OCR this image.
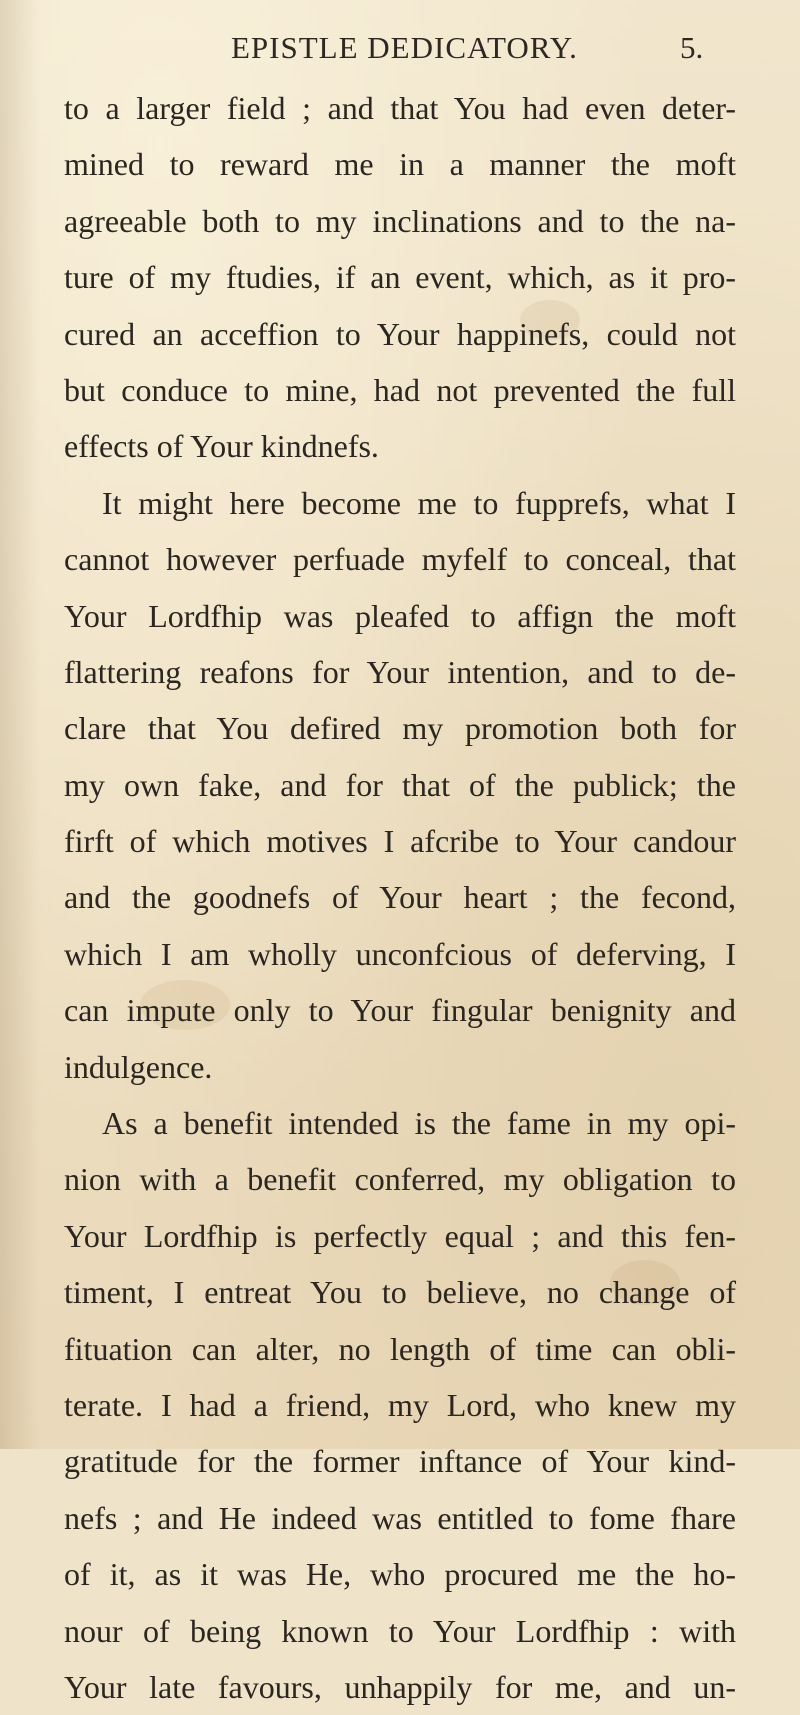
EPISTLE DEDICATORY.	5.
to a larger field ; and that You had even deter-
mined to reward me in a manner the moft
agreeable both to my inclinations and to the na-
ture of my ftudies, if an event, which, as it pro-
cured an acceffion to Your happinefs, could not
but conduce to mine, had not prevented the full
effects of Your kindnefs.
It might here become me to fupprefs, what I
cannot however perfuade myfelf to conceal, that
Your Lordfhip was pleafed to affign the moft
flattering reafons for Your intention, and to de-
clare that You defired my promotion both for
my own fake, and for that of the publick; the
firft of which motives I afcribe to Your candour
and the goodnefs of Your heart ; the fecond,
which I am wholly unconfcious of deferving, I
can impute only to Your fingular benignity and
indulgence.
As a benefit intended is the fame in my opi-
nion with a benefit conferred, my obligation to
Your Lordfhip is perfectly equal ; and this fen-
timent, I entreat You to believe, no change of
fituation can alter, no length of time can obli-
terate. I had a friend, my Lord, who knew my
gratitude for the former inftance of Your kind-
nefs ; and He indeed was entitled to fome fhare
of it, as it was He, who procured me the ho-
nour of being known to Your Lordfhip : with
Your late favours, unhappily for me, and un-
